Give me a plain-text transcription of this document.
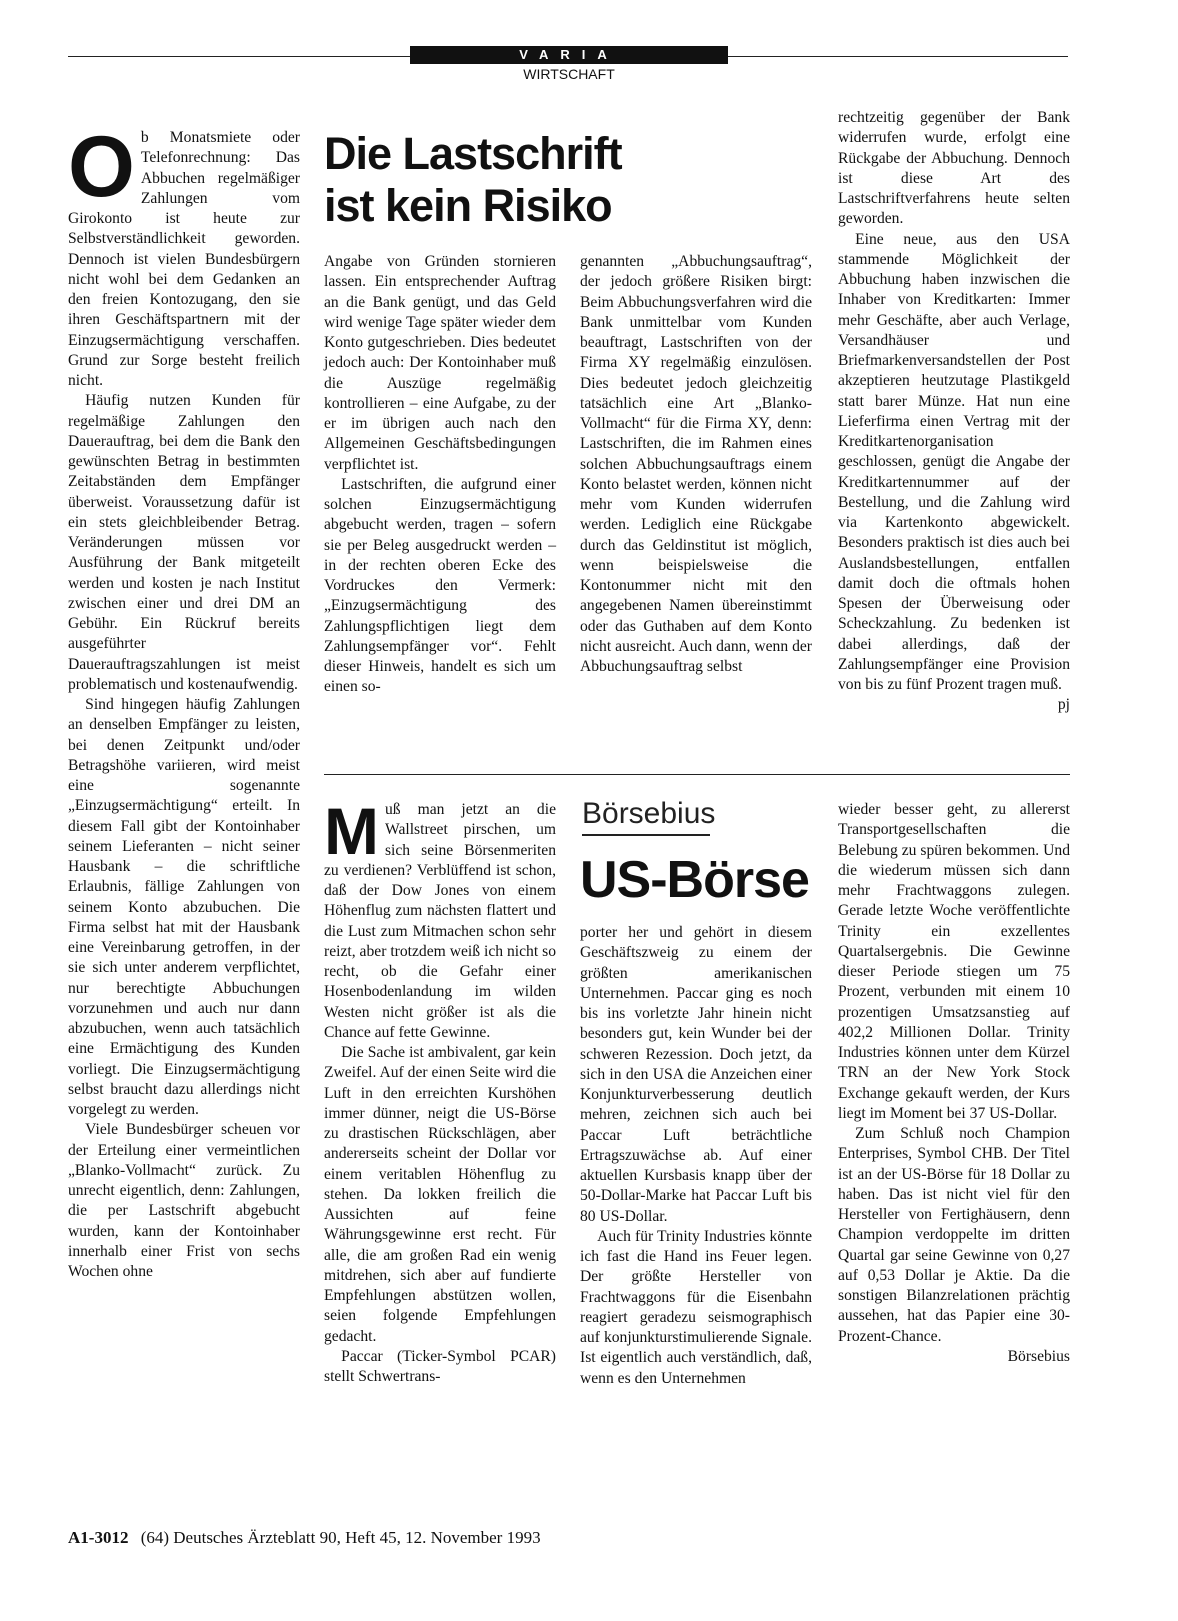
VARIA
WIRTSCHAFT
Die Lastschrift
ist kein Risiko
O b Monatsmiete oder Telefonrechnung: Das Abbuchen regelmäßiger Zahlungen vom Girokonto ist heute zur Selbstverständlichkeit geworden. Dennoch ist vielen Bundesbürgern nicht wohl bei dem Gedanken an den freien Kontozugang, den sie ihren Geschäftspartnern mit der Einzugsermächtigung verschaffen. Grund zur Sorge besteht freilich nicht.

Häufig nutzen Kunden für regelmäßige Zahlungen den Dauerauftrag, bei dem die Bank den gewünschten Betrag in bestimmten Zeitabständen dem Empfänger überweist. Voraussetzung dafür ist ein stets gleichbleibender Betrag. Veränderungen müssen vor Ausführung der Bank mitgeteilt werden und kosten je nach Institut zwischen einer und drei DM an Gebühr. Ein Rückruf bereits ausgeführter Dauerauftragszahlungen ist meist problematisch und kostenaufwendig.

Sind hingegen häufig Zahlungen an denselben Empfänger zu leisten, bei denen Zeitpunkt und/oder Betragshöhe variieren, wird meist eine sogenannte „Einzugsermächtigung“ erteilt. In diesem Fall gibt der Kontoinhaber seinem Lieferanten – nicht seiner Hausbank – die schriftliche Erlaubnis, fällige Zahlungen von seinem Konto abzubuchen. Die Firma selbst hat mit der Hausbank eine Vereinbarung getroffen, in der sie sich unter anderem verpflichtet, nur berechtigte Abbuchungen vorzunehmen und auch nur dann abzubuchen, wenn auch tatsächlich eine Ermächtigung des Kunden vorliegt. Die Einzugsermächtigung selbst braucht dazu allerdings nicht vorgelegt zu werden.

Viele Bundesbürger scheuen vor der Erteilung einer vermeintlichen „Blanko-Vollmacht“ zurück. Zu unrecht eigentlich, denn: Zahlungen, die per Lastschrift abgebucht wurden, kann der Kontoinhaber innerhalb einer Frist von sechs Wochen ohne

Angabe von Gründen stornieren lassen. Ein entsprechender Auftrag an die Bank genügt, und das Geld wird wenige Tage später wieder dem Konto gutgeschrieben. Dies bedeutet jedoch auch: Der Kontoinhaber muß die Auszüge regelmäßig kontrollieren – eine Aufgabe, zu der er im übrigen auch nach den Allgemeinen Geschäftsbedingungen verpflichtet ist.

Lastschriften, die aufgrund einer solchen Einzugsermächtigung abgebucht werden, tragen – sofern sie per Beleg ausgedruckt werden – in der rechten oberen Ecke des Vordruckes den Vermerk: „Einzugsermächtigung des Zahlungspflichtigen liegt dem Zahlungsempfänger vor“. Fehlt dieser Hinweis, handelt es sich um einen so-

genannten „Abbuchungsauftrag“, der jedoch größere Risiken birgt: Beim Abbuchungsverfahren wird die Bank unmittelbar vom Kunden beauftragt, Lastschriften von der Firma XY regelmäßig einzulösen. Dies bedeutet jedoch gleichzeitig tatsächlich eine Art „Blanko-Vollmacht“ für die Firma XY, denn: Lastschriften, die im Rahmen eines solchen Abbuchungsauftrags einem Konto belastet werden, können nicht mehr vom Kunden widerrufen werden. Lediglich eine Rückgabe durch das Geldinstitut ist möglich, wenn beispielsweise die Kontonummer nicht mit den angegebenen Namen übereinstimmt oder das Guthaben auf dem Konto nicht ausreicht. Auch dann, wenn der Abbuchungsauftrag selbst

rechtzeitig gegenüber der Bank widerrufen wurde, erfolgt eine Rückgabe der Abbuchung. Dennoch ist diese Art des Lastschriftverfahrens heute selten geworden.

Eine neue, aus den USA stammende Möglichkeit der Abbuchung haben inzwischen die Inhaber von Kreditkarten: Immer mehr Geschäfte, aber auch Verlage, Versandhäuser und Briefmarkenversandstellen der Post akzeptieren heutzutage Plastikgeld statt barer Münze. Hat nun eine Lieferfirma einen Vertrag mit der Kreditkartenorganisation geschlossen, genügt die Angabe der Kreditkartennummer auf der Bestellung, und die Zahlung wird via Kartenkonto abgewickelt. Besonders praktisch ist dies auch bei Auslandsbestellungen, entfallen damit doch die oftmals hohen Spesen der Überweisung oder Scheckzahlung. Zu bedenken ist dabei allerdings, daß der Zahlungsempfänger eine Provision von bis zu fünf Prozent tragen muß.

pj
Börsebius
US-Börse
M uß man jetzt an die Wallstreet pirschen, um sich seine Börsenmeriten zu verdienen? Verblüffend ist schon, daß der Dow Jones von einem Höhenflug zum nächsten flattert und die Lust zum Mitmachen schon sehr reizt, aber trotzdem weiß ich nicht so recht, ob die Gefahr einer Hosenbodenlandung im wilden Westen nicht größer ist als die Chance auf fette Gewinne.

Die Sache ist ambivalent, gar kein Zweifel. Auf der einen Seite wird die Luft in den erreichten Kurshöhen immer dünner, neigt die US-Börse zu drastischen Rückschlägen, aber andererseits scheint der Dollar vor einem veritablen Höhenflug zu stehen. Da lokken freilich die Aussichten auf feine Währungsgewinne erst recht. Für alle, die am großen Rad ein wenig mitdrehen, sich aber auf fundierte Empfehlungen abstützen wollen, seien folgende Empfehlungen gedacht.

Paccar (Ticker-Symbol PCAR) stellt Schwertrans-

porter her und gehört in diesem Geschäftszweig zu einem der größten amerikanischen Unternehmen. Paccar ging es noch bis ins vorletzte Jahr hinein nicht besonders gut, kein Wunder bei der schweren Rezession. Doch jetzt, da sich in den USA die Anzeichen einer Konjunkturverbesserung deutlich mehren, zeichnen sich auch bei Paccar Luft beträchtliche Ertragszuwächse ab. Auf einer aktuellen Kursbasis knapp über der 50-Dollar-Marke hat Paccar Luft bis 80 US-Dollar.

Auch für Trinity Industries könnte ich fast die Hand ins Feuer legen. Der größte Hersteller von Frachtwaggons für die Eisenbahn reagiert geradezu seismographisch auf konjunkturstimulierende Signale. Ist eigentlich auch verständlich, daß, wenn es den Unternehmen

wieder besser geht, zu allererst Transportgesellschaften die Belebung zu spüren bekommen. Und die wiederum müssen sich dann mehr Frachtwaggons zulegen. Gerade letzte Woche veröffentlichte Trinity ein exzellentes Quartalsergebnis. Die Gewinne dieser Periode stiegen um 75 Prozent, verbunden mit einem 10 prozentigen Umsatzsanstieg auf 402,2 Millionen Dollar. Trinity Industries können unter dem Kürzel TRN an der New York Stock Exchange gekauft werden, der Kurs liegt im Moment bei 37 US-Dollar.

Zum Schluß noch Champion Enterprises, Symbol CHB. Der Titel ist an der US-Börse für 18 Dollar zu haben. Das ist nicht viel für den Hersteller von Fertighäusern, denn Champion verdoppelte im dritten Quartal gar seine Gewinne von 0,27 auf 0,53 Dollar je Aktie. Da die sonstigen Bilanzrelationen prächtig aussehen, hat das Papier eine 30-Prozent-Chance.

Börsebius
A1-3012 (64) Deutsches Ärzteblatt 90, Heft 45, 12. November 1993
